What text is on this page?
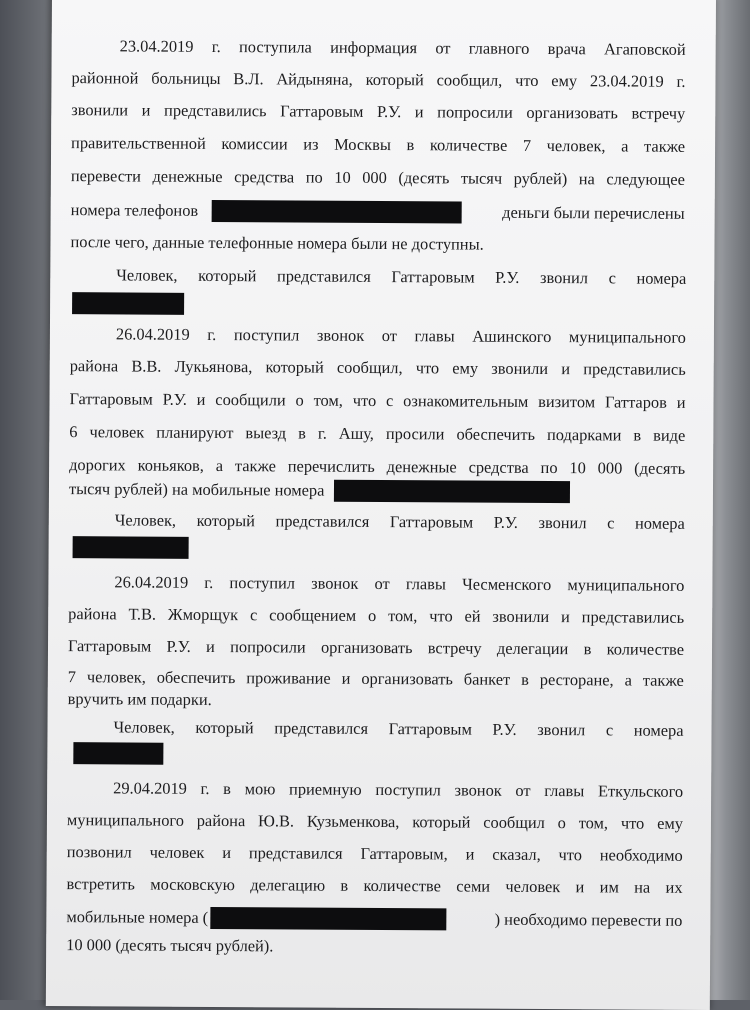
23.04.2019 г. поступила информация от главного врача Агаповской

районной больницы В.Л. Айдыняна, который сообщил, что ему 23.04.2019 г.

звонили и представились Гаттаровым Р.У. и попросили организовать встречу

правительственной комиссии из Москвы в количестве 7 человек, а также

перевести денежные средства по 10 000 (десять тысяч рублей) на следующее

номера телефонов	деньги были перечислены

после чего, данные телефонные номера были не доступны.

Человек, который представился Гаттаровым Р.У. звонил с номера

26.04.2019 г. поступил звонок от главы Ашинского муниципального

района В.В. Лукьянова, который сообщил, что ему звонили и представились

Гаттаровым Р.У. и сообщили о том, что с ознакомительным визитом Гаттаров и

6 человек планируют выезд в г. Ашу, просили обеспечить подарками в виде

дорогих коньяков, а также перечислить денежные средства по 10 000 (десять

тысяч рублей) на мобильные номера

Человек, который представился Гаттаровым Р.У. звонил с номера

26.04.2019 г. поступил звонок от главы Чесменского муниципального

района Т.В. Жморщук с сообщением о том, что ей звонили и представились

Гаттаровым Р.У. и попросили организовать встречу делегации в количестве

7 человек, обеспечить проживание и организовать банкет в ресторане, а также

вручить им подарки.

Человек, который представился Гаттаровым Р.У. звонил с номера

29.04.2019 г. в мою приемную поступил звонок от главы Еткульского

муниципального района Ю.В. Кузьменкова, который сообщил о том, что ему

позвонил человек и представился Гаттаровым, и сказал, что необходимо

встретить московскую делегацию в количестве семи человек и им на их

мобильные номера (	) необходимо перевести по

10 000 (десять тысяч рублей).
